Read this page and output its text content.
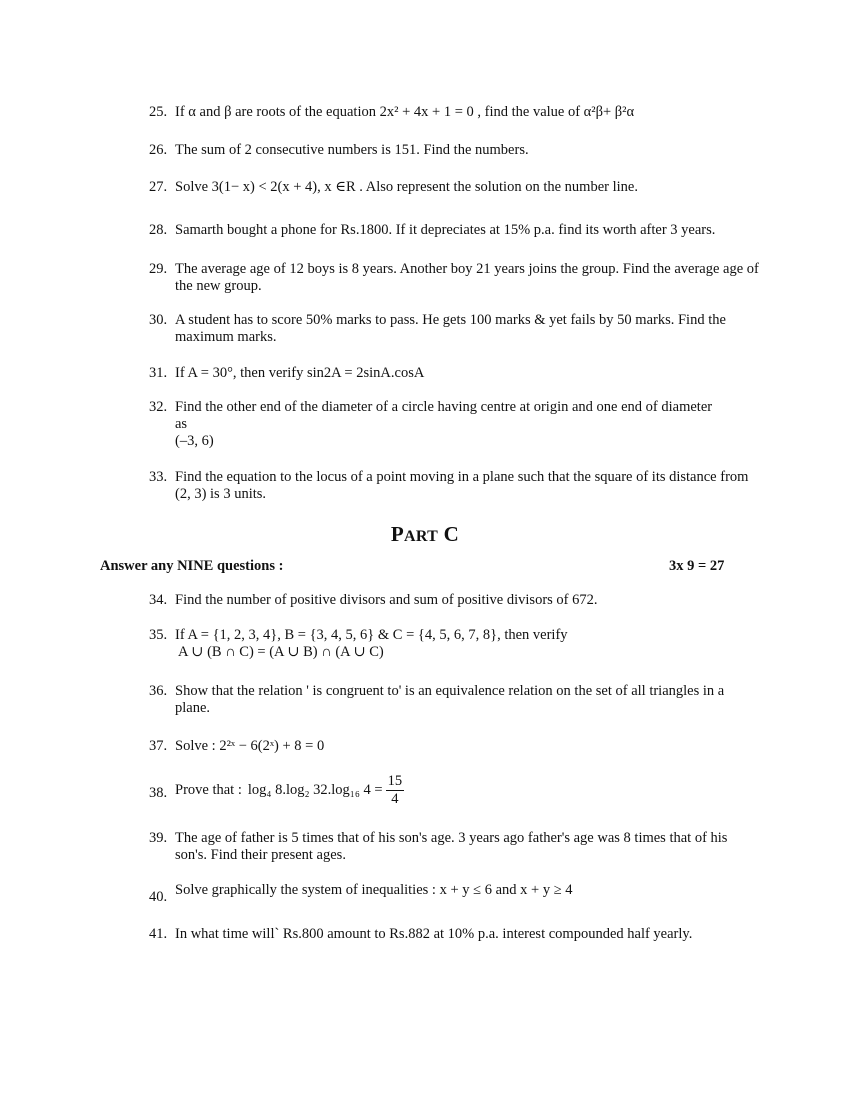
25. If α and β are roots of the equation 2x² + 4x + 1 = 0 , find the value of α²β+ β²α
26. The sum of 2 consecutive numbers is 151. Find the numbers.
27. Solve 3(1− x) < 2(x + 4), x ∈R . Also represent the solution on the number line.
28. Samarth bought a phone for Rs.1800. If it depreciates at 15% p.a. find its worth after 3 years.
29. The average age of 12 boys is 8 years. Another boy 21 years joins the group. Find the average age of the new group.
30. A student has to score 50% marks to pass. He gets 100 marks & yet fails by 50 marks. Find the maximum marks.
31. If A = 30°, then verify sin2A = 2sinA.cosA
32. Find the other end of the diameter of a circle having centre at origin and one end of diameter
as
(–3, 6)
33. Find the equation to the locus of a point moving in a plane such that the square of its distance from (2, 3) is 3 units.
PART C
Answer any NINE questions :	3x 9 = 27
34. Find the number of positive divisors and sum of positive divisors of 672.
35. If A = {1, 2, 3, 4}, B = {3, 4, 5, 6} & C = {4, 5, 6, 7, 8}, then verify
A ∪ (B ∩ C) = (A ∪ B) ∩ (A ∪ C)
36. Show that the relation ' is congruent to' is an equivalence relation on the set of all triangles in a plane.
37. Solve : 2²ˣ − 6(2ˣ) + 8 = 0
38. Prove that : log₄ 8.log₂ 32.log₁₆ $4 = \frac{15}{4}$
39. The age of father is 5 times that of his son's age. 3 years ago father's age was 8 times that of his son's. Find their present ages.
40. Solve graphically the system of inequalities : x + y ≤ 6 and x + y ≥ 4
41. In what time will` Rs.800 amount to Rs.882 at 10% p.a. interest compounded half yearly.
